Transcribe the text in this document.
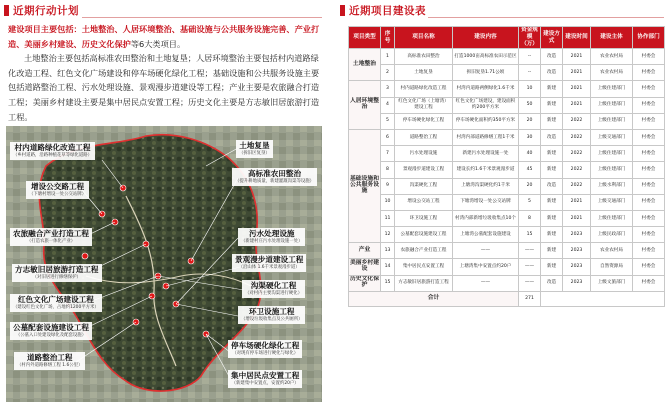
近期行动计划

建设项目主要包括：土地整治、人居环境整治、基础设施与公共服务设施完善、产业打造、美丽乡村建设、历史文化保护等6大类项目。

土地整治主要包括高标准农田整治和土地复垦；人居环境整治主要包括村内道路绿化改造工程、红色文化广场建设和停车场硬化绿化工程；基础设施和公共服务设施主要包括道路整治工程、污水处理设施、景观漫步道建设等工程；产业主要是农旅融合打造工程；美丽乡村建设主要是集中居民点安置工程；历史文化主要是方志敏旧居旅游打造工程。

村内道路绿化改造工程
（乡村道路，沿路种植花草等绿化道路）
增设公交路工程
（下塘村增设一处公交站牌）
农旅融合产业打造工程
（打造农旅一体化产业）
方志敏旧居旅游打造工程
（对旧居进行修缮保护）
红色文化广场建设工程
（建设红色文化广场，占地约1200平方米）
公墓配套设施建设工程
（公墓入口处建设绿化及配套设施）
道路整治工程
（村内外道路修缮工程 1.6公里）
土地复垦
（拆旧区复垦）
高标准农田整治
（提升耕地质量，新建灌溉沟渠等设施）
污水处理设施
（新建村庄污水处理设施一处）
景观漫步道建设工程
（沿山体 1.6千米景观漫步道）
沟渠硬化工程
（对村内主要沟渠进行硬化）
环卫设施工程
（增设垃圾收集点及公共厕所）
停车场硬化绿化工程
（对现有停车场进行硬化与绿化）
集中居民点安置工程
（新建集中安置点，安置约20户）
近期项目建设表
项目类型	序号	项目名称	建设内容	资金规模（万）	建设方式	建设时间	建设主体	协作部门
土地整治	1	高标准农田整治	打造1000亩高标准农田示范区	--	改造	2021	农业农村局	村委会
	2	土地复垦	拆旧复垦1.71公顷	--	改造	2021	农业农村局	村委会
人居环境整治	3	村内道路绿化改造工程	村湾内道路两侧绿化1.6千米	10	新建	2021	上级住建部门	村委会
	4	红色文化广场（上塘湾）建设工程	红色文化广场建设，建设面积约200平方米	50	新建	2021	上级住建部门	村委会
	5	停车场硬化绿化工程	停车场硬化面积约350平方米	20	新建	2022	上级住建部门	村委会
基础设施和公共服务设施	6	道路整治工程	村湾内部道路修缮工程1千米	30	改造	2022	上级交通部门	村委会
	7	污水处理设施	新建污水处理设施一处	40	新建	2022	上级住建部门	村委会
	8	景观漫步道建设工程	建设长约1.6千米景观漫步道	45	新建	2022	上级住建部门	村委会
	9	沟渠硬化工程	上塘湾沟渠硬化约1千米	20	改造	2022	上级水利部门	村委会
	10	增设公交站工程	下塘湾增设一处公交站牌	5	新建	2021	上级交通部门	村委会
	11	环卫设施工程	村湾内部新增垃圾收集点10个	8	新建	2021	上级住建部门	村委会
	12	公墓配套设施建设工程	上塘湾公墓配套设施建设	15	新建	2023	上级民政部门	村委会
产业	13	农旅融合产业打造工程	——	——	新建	2023	农业农村局	村委会
美丽乡村建设	14	集中居民点安置工程	上塘湾集中安置点约20户	——	新建	2023	自然资源局	村委会
历史文化保护	15	方志敏旧居旅游打造工程	——	——	改造	2023	上级文旅部门	村委会
合计				271				
